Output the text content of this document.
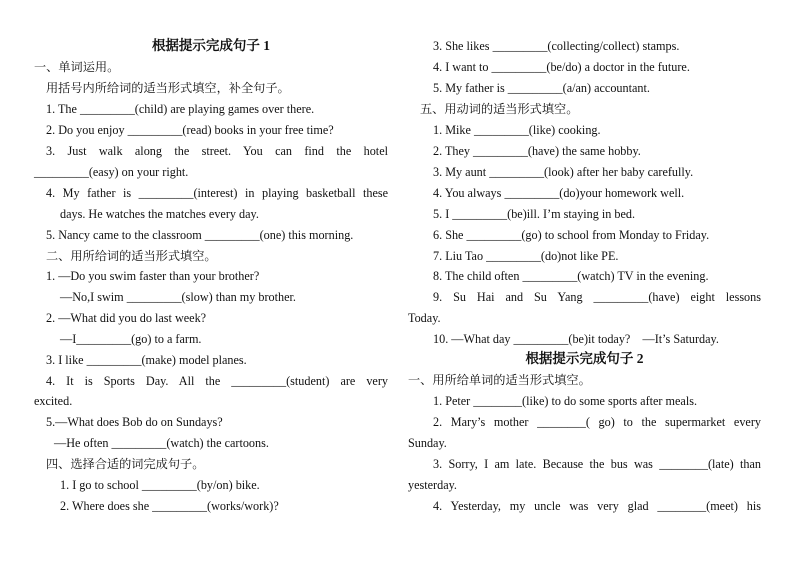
根据提示完成句子 1
一、单词运用。
用括号内所给词的适当形式填空，补全句子。
1. The _________(child) are playing games over there.
2. Do you enjoy _________(read) books in your free time?
3. Just walk along the street. You can find the hotel
_________(easy) on your right.
4. My father is _________(interest) in playing basketball these
days. He watches the matches every day.
5. Nancy came to the classroom _________(one) this morning.
二、用所给词的适当形式填空。
1. —Do you swim faster than your brother?
—No,I swim _________(slow) than my brother.
2. —What did you do last week?
—I_________(go) to a farm.
3. I like _________(make) model planes.
4. It is Sports Day. All the _________(student) are very
excited.
5.—What does Bob do on Sundays?
—He often _________(watch) the cartoons.
四、选择合适的词完成句子。
1. I go to school _________(by/on) bike.
2. Where does she _________(works/work)?
3. She likes _________(collecting/collect) stamps.
4. I want to _________(be/do) a doctor in the future.
5. My father is _________(a/an) accountant.
五、用动词的适当形式填空。
1. Mike _________(like) cooking.
2. They _________(have) the same hobby.
3. My aunt _________(look) after her baby carefully.
4. You always _________(do)your homework well.
5. I _________(be)ill. I’m staying in bed.
6. She _________(go) to school from Monday to Friday.
7. Liu Tao _________(do)not like PE.
8. The child often _________(watch) TV in the evening.
9. Su Hai and Su Yang _________(have) eight lessons
Today.
10. —What day _________(be)it today?    —It’s Saturday.
根据提示完成句子 2
一、用所给单词的适当形式填空。
1. Peter ________(like) to do some sports after meals.
2. Mary’s mother ________( go) to the supermarket every
Sunday.
3. Sorry, I am late. Because the bus was ________(late) than
yesterday.
4. Yesterday, my uncle was very glad ________(meet) his
